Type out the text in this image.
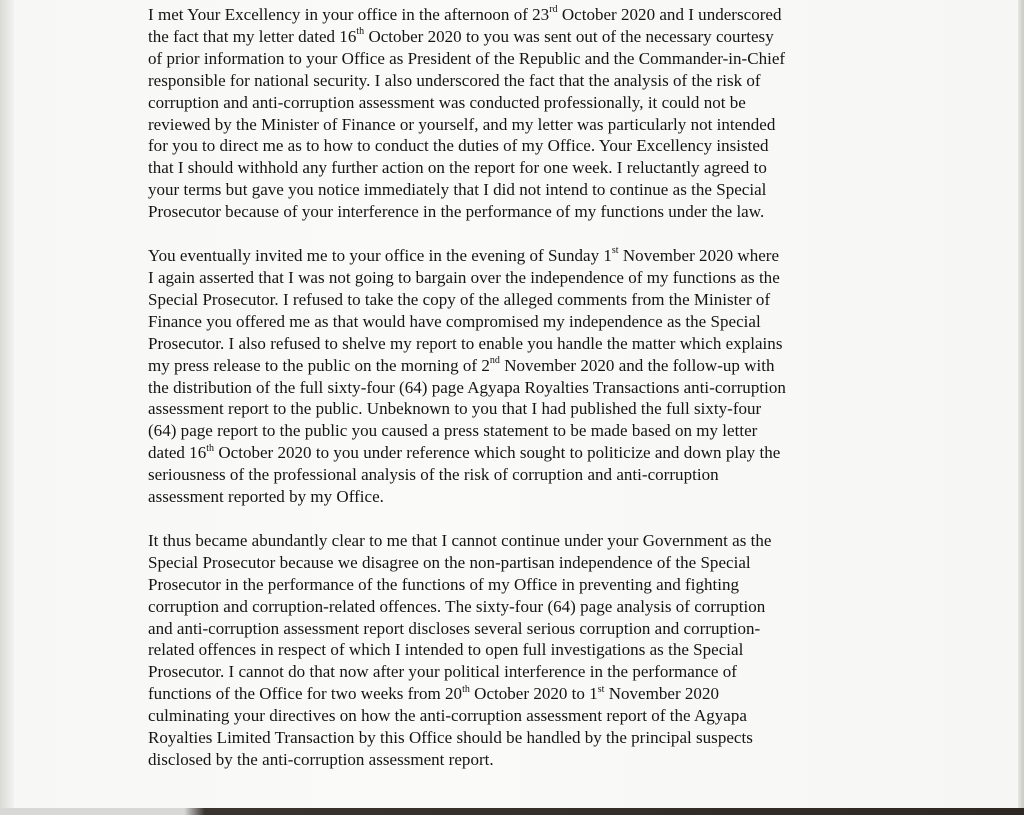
I met Your Excellency in your office in the afternoon of 23rd October 2020 and I underscored
the fact that my letter dated 16th October 2020 to you was sent out of the necessary courtesy
of prior information to your Office as President of the Republic and the Commander-in-Chief
responsible for national security. I also underscored the fact that the analysis of the risk of
corruption and anti-corruption assessment was conducted professionally, it could not be
reviewed by the Minister of Finance or yourself, and my letter was particularly not intended
for you to direct me as to how to conduct the duties of my Office. Your Excellency insisted
that I should withhold any further action on the report for one week. I reluctantly agreed to
your terms but gave you notice immediately that I did not intend to continue as the Special
Prosecutor because of your interference in the performance of my functions under the law.

You eventually invited me to your office in the evening of Sunday 1st November 2020 where
I again asserted that I was not going to bargain over the independence of my functions as the
Special Prosecutor. I refused to take the copy of the alleged comments from the Minister of
Finance you offered me as that would have compromised my independence as the Special
Prosecutor. I also refused to shelve my report to enable you handle the matter which explains
my press release to the public on the morning of 2nd November 2020 and the follow-up with
the distribution of the full sixty-four (64) page Agyapa Royalties Transactions anti-corruption
assessment report to the public. Unbeknown to you that I had published the full sixty-four
(64) page report to the public you caused a press statement to be made based on my letter
dated 16th October 2020 to you under reference which sought to politicize and down play the
seriousness of the professional analysis of the risk of corruption and anti-corruption
assessment reported by my Office.

It thus became abundantly clear to me that I cannot continue under your Government as the
Special Prosecutor because we disagree on the non-partisan independence of the Special
Prosecutor in the performance of the functions of my Office in preventing and fighting
corruption and corruption-related offences. The sixty-four (64) page analysis of corruption
and anti-corruption assessment report discloses several serious corruption and corruption-
related offences in respect of which I intended to open full investigations as the Special
Prosecutor. I cannot do that now after your political interference in the performance of
functions of the Office for two weeks from 20th October 2020 to 1st November 2020
culminating your directives on how the anti-corruption assessment report of the Agyapa
Royalties Limited Transaction by this Office should be handled by the principal suspects
disclosed by the anti-corruption assessment report.
